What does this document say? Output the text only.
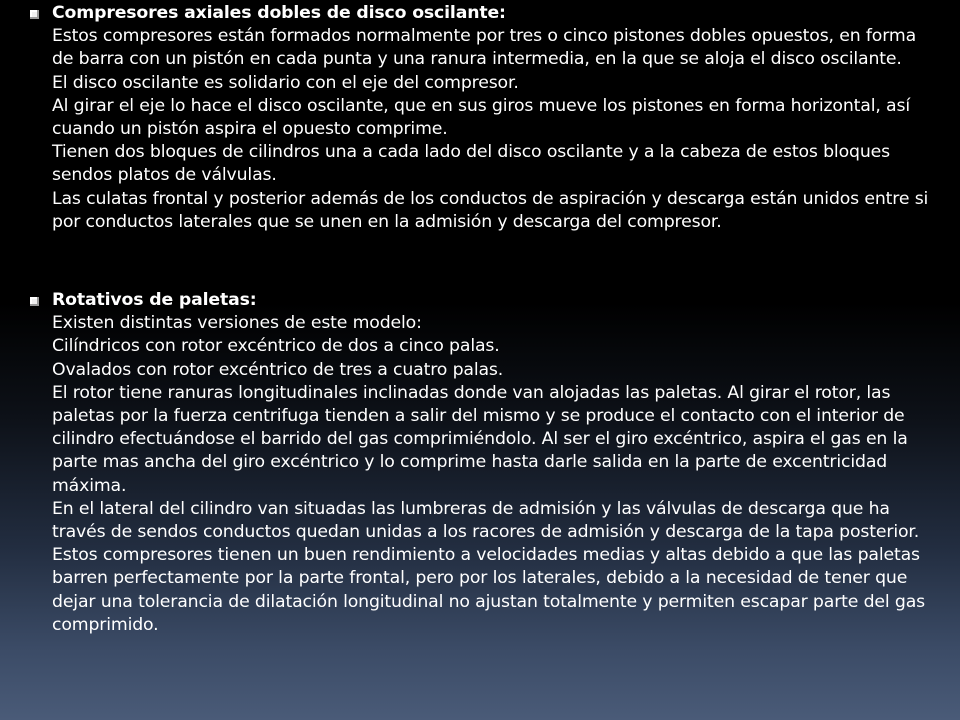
Compresores axiales dobles de disco oscilante:
Estos compresores están formados normalmente por tres o cinco pistones dobles opuestos, en forma de barra con un pistón en cada punta y una ranura intermedia, en la que se aloja el disco oscilante.
El disco oscilante es solidario con el eje del compresor.
Al girar el eje lo hace el disco oscilante, que en sus giros mueve los pistones en forma horizontal, así cuando un pistón aspira el opuesto comprime.
Tienen dos bloques de cilindros una a cada lado del disco oscilante y a la cabeza de estos bloques sendos platos de válvulas.
Las culatas frontal y posterior además de los conductos de aspiración y descarga están unidos entre si por conductos laterales que se unen en la admisión y descarga del compresor.
Rotativos de paletas:
Existen distintas versiones de este modelo:
Cilíndricos con rotor excéntrico de dos a cinco palas.
Ovalados con rotor excéntrico de tres a cuatro palas.
El rotor tiene ranuras longitudinales inclinadas donde van alojadas las paletas. Al girar el rotor, las paletas por la fuerza centrifuga tienden a salir del mismo y se produce el contacto con el interior de cilindro efectuándose el barrido del gas comprimiéndolo. Al ser el giro excéntrico, aspira el gas en la parte mas ancha del giro excéntrico y lo comprime hasta darle salida en la parte de excentricidad máxima.
En el lateral del cilindro van situadas las lumbreras de admisión y las válvulas de descarga que ha través de sendos conductos quedan unidas a los racores de admisión y descarga de la tapa posterior.
Estos compresores tienen un buen rendimiento a velocidades medias y altas debido a que las paletas barren perfectamente por la parte frontal, pero por los laterales, debido a la necesidad de tener que dejar una tolerancia de dilatación longitudinal no ajustan totalmente y permiten escapar parte del gas comprimido.
